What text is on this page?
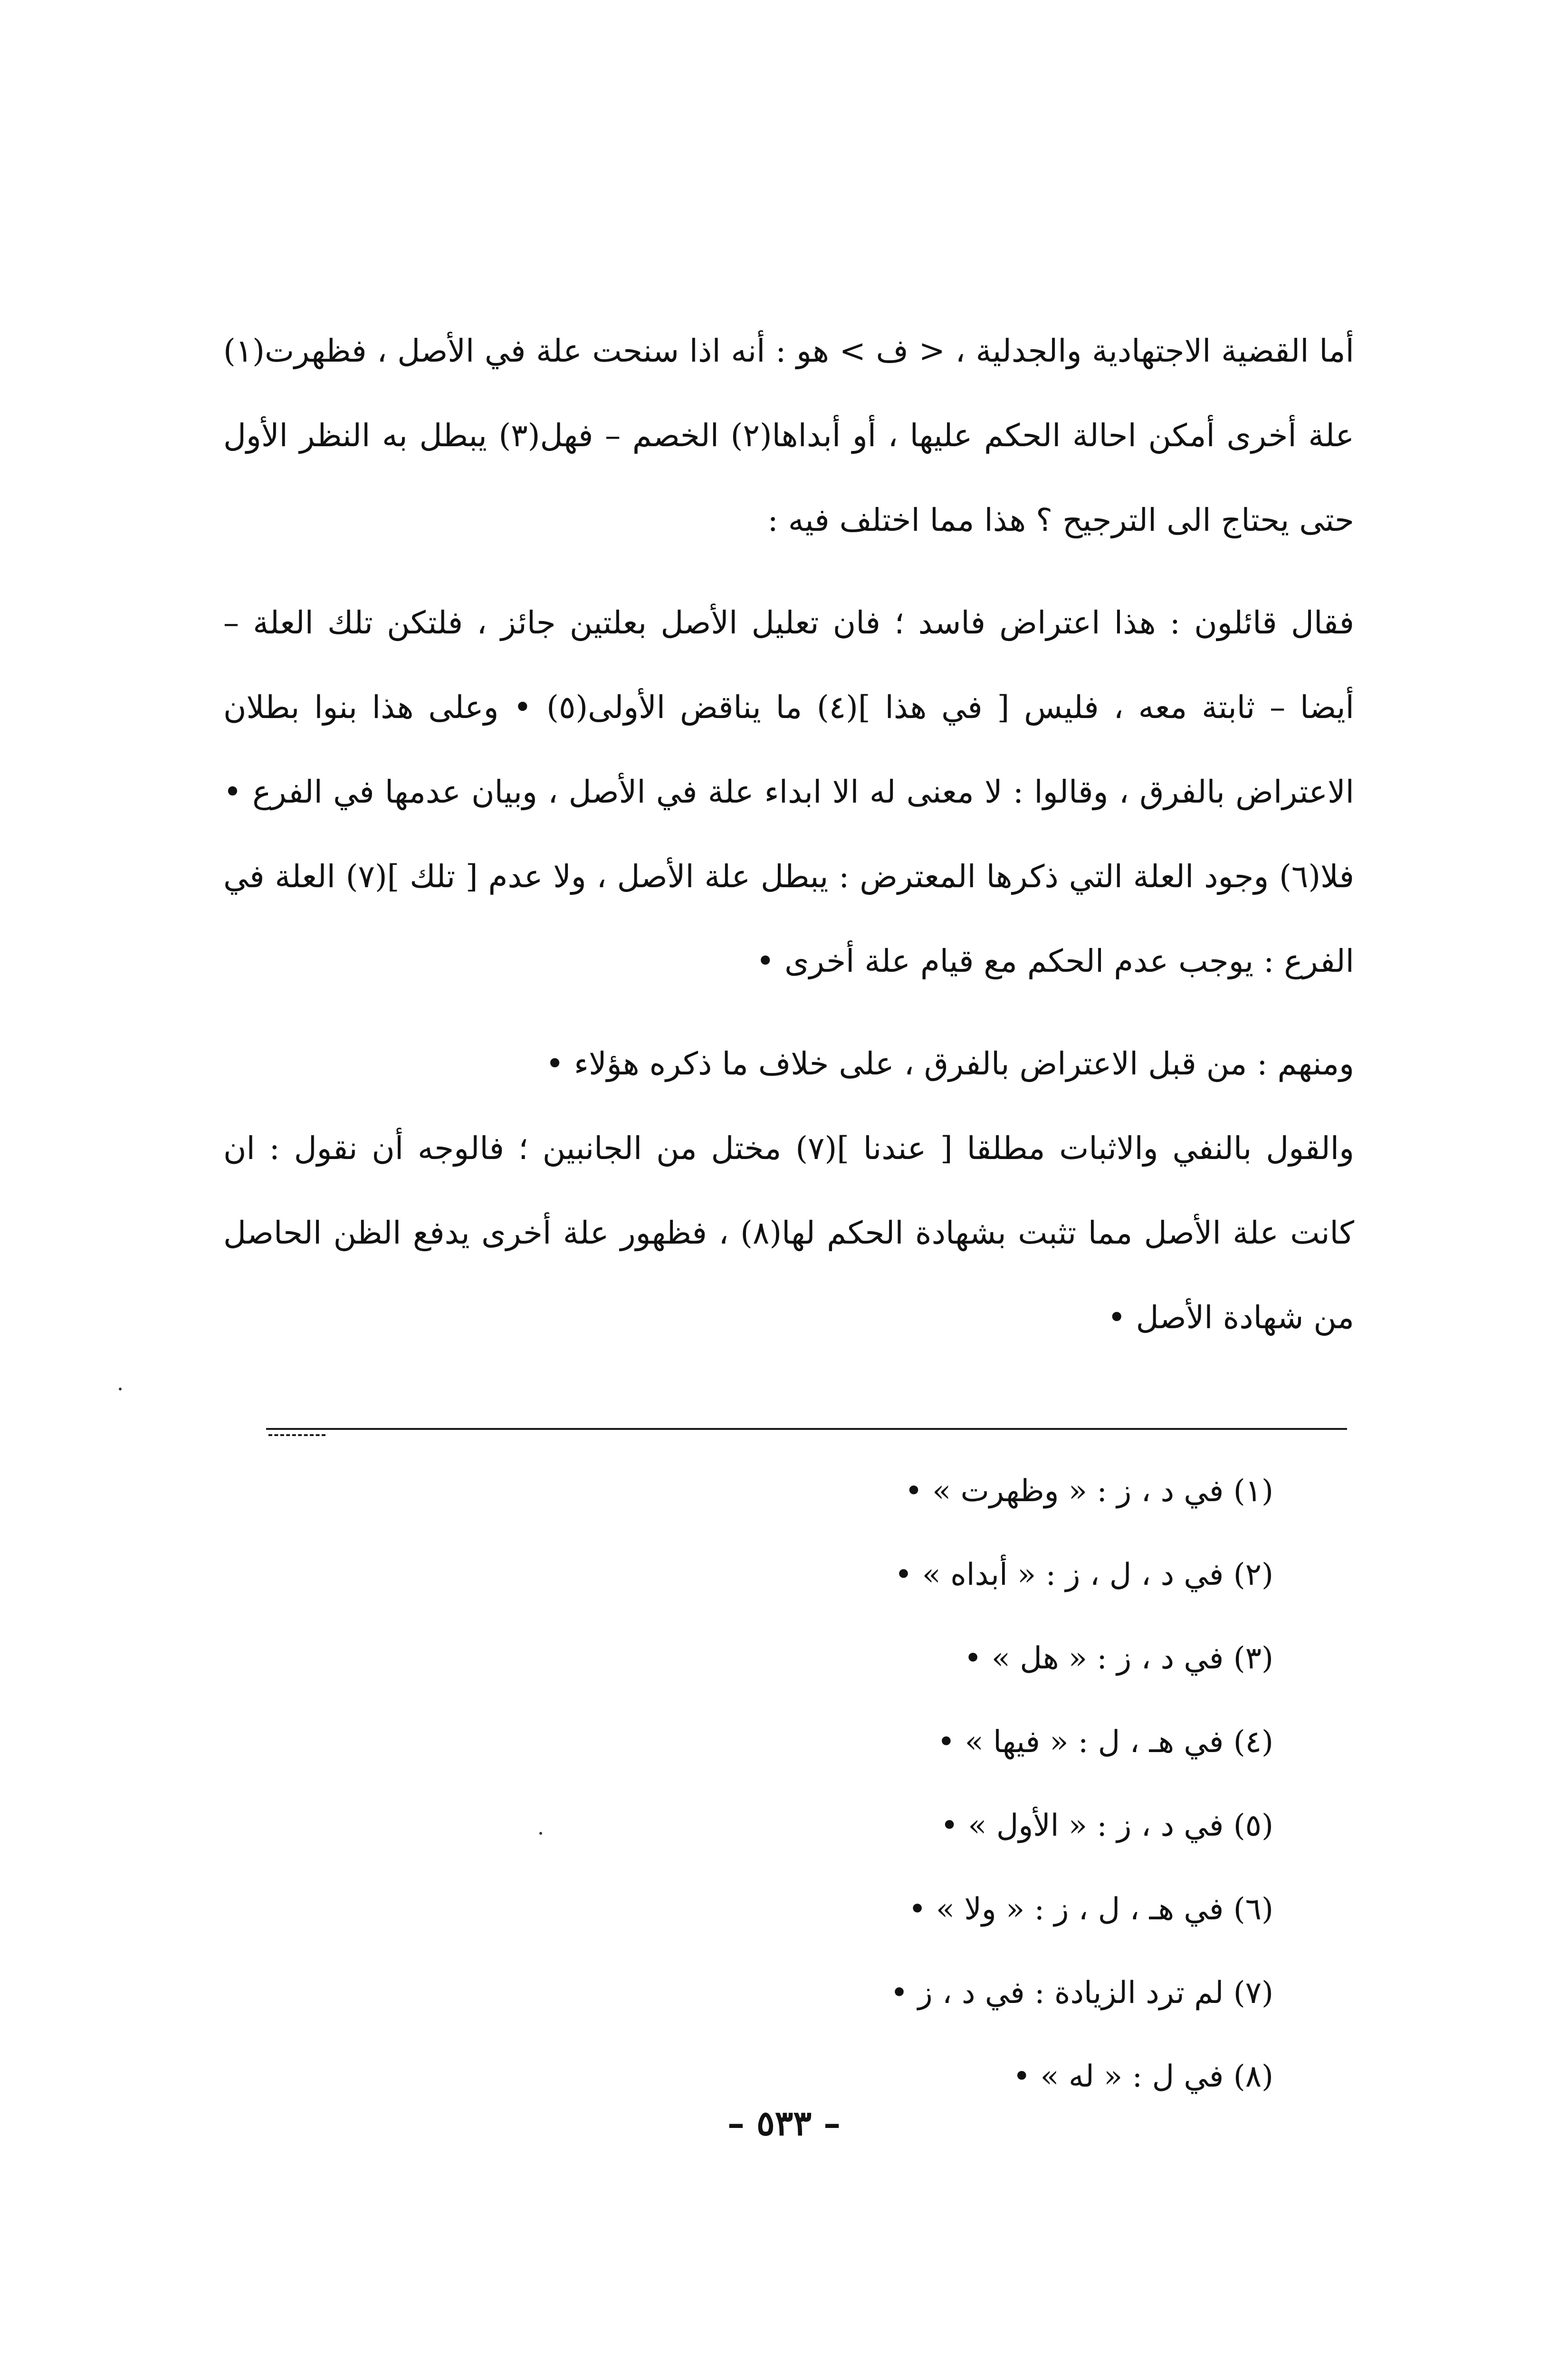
أما القضية الاجتهادية والجدلية ، < ف > هو : أنه اذا سنحت علة في الأصل ، فظهرت(١) علة أخرى أمكن احالة الحكم عليها ، أو أبداها(٢) الخصم – فهل(٣) يبطل به النظر الأول حتى يحتاج الى الترجيح ؟ هذا مما اختلف فيه :

فقال قائلون : هذا اعتراض فاسد ؛ فان تعليل الأصل بعلتين جائز ، فلتكن تلك العلة – أيضا – ثابتة معه ، فليس [ في هذا ](٤) ما يناقض الأولى(٥) • وعلى هذا بنوا بطلان الاعتراض بالفرق ، وقالوا : لا معنى له الا ابداء علة في الأصل ، وبيان عدمها في الفرع • فلا(٦) وجود العلة التي ذكرها المعترض : يبطل علة الأصل ، ولا عدم [ تلك ](٧) العلة في الفرع : يوجب عدم الحكم مع قيام علة أخرى •

ومنهم : من قبل الاعتراض بالفرق ، على خلاف ما ذكره هؤلاء •

والقول بالنفي والاثبات مطلقا [ عندنا ](٧) مختل من الجانبين ؛ فالوجه أن نقول : ان كانت علة الأصل مما تثبت بشهادة الحكم لها(٨) ، فظهور علة أخرى يدفع الظن الحاصل من شهادة الأصل •

(١) في د ، ز : « وظهرت » •
(٢) في د ، ل ، ز : « أبداه » •
(٣) في د ، ز : « هل » •
(٤) في هـ ، ل : « فيها » •
(٥) في د ، ز : « الأول » •
(٦) في هـ ، ل ، ز : « ولا » •
(٧) لم ترد الزيادة : في د ، ز •
(٨) في ل : « له » •
– ٥٣٣ –
